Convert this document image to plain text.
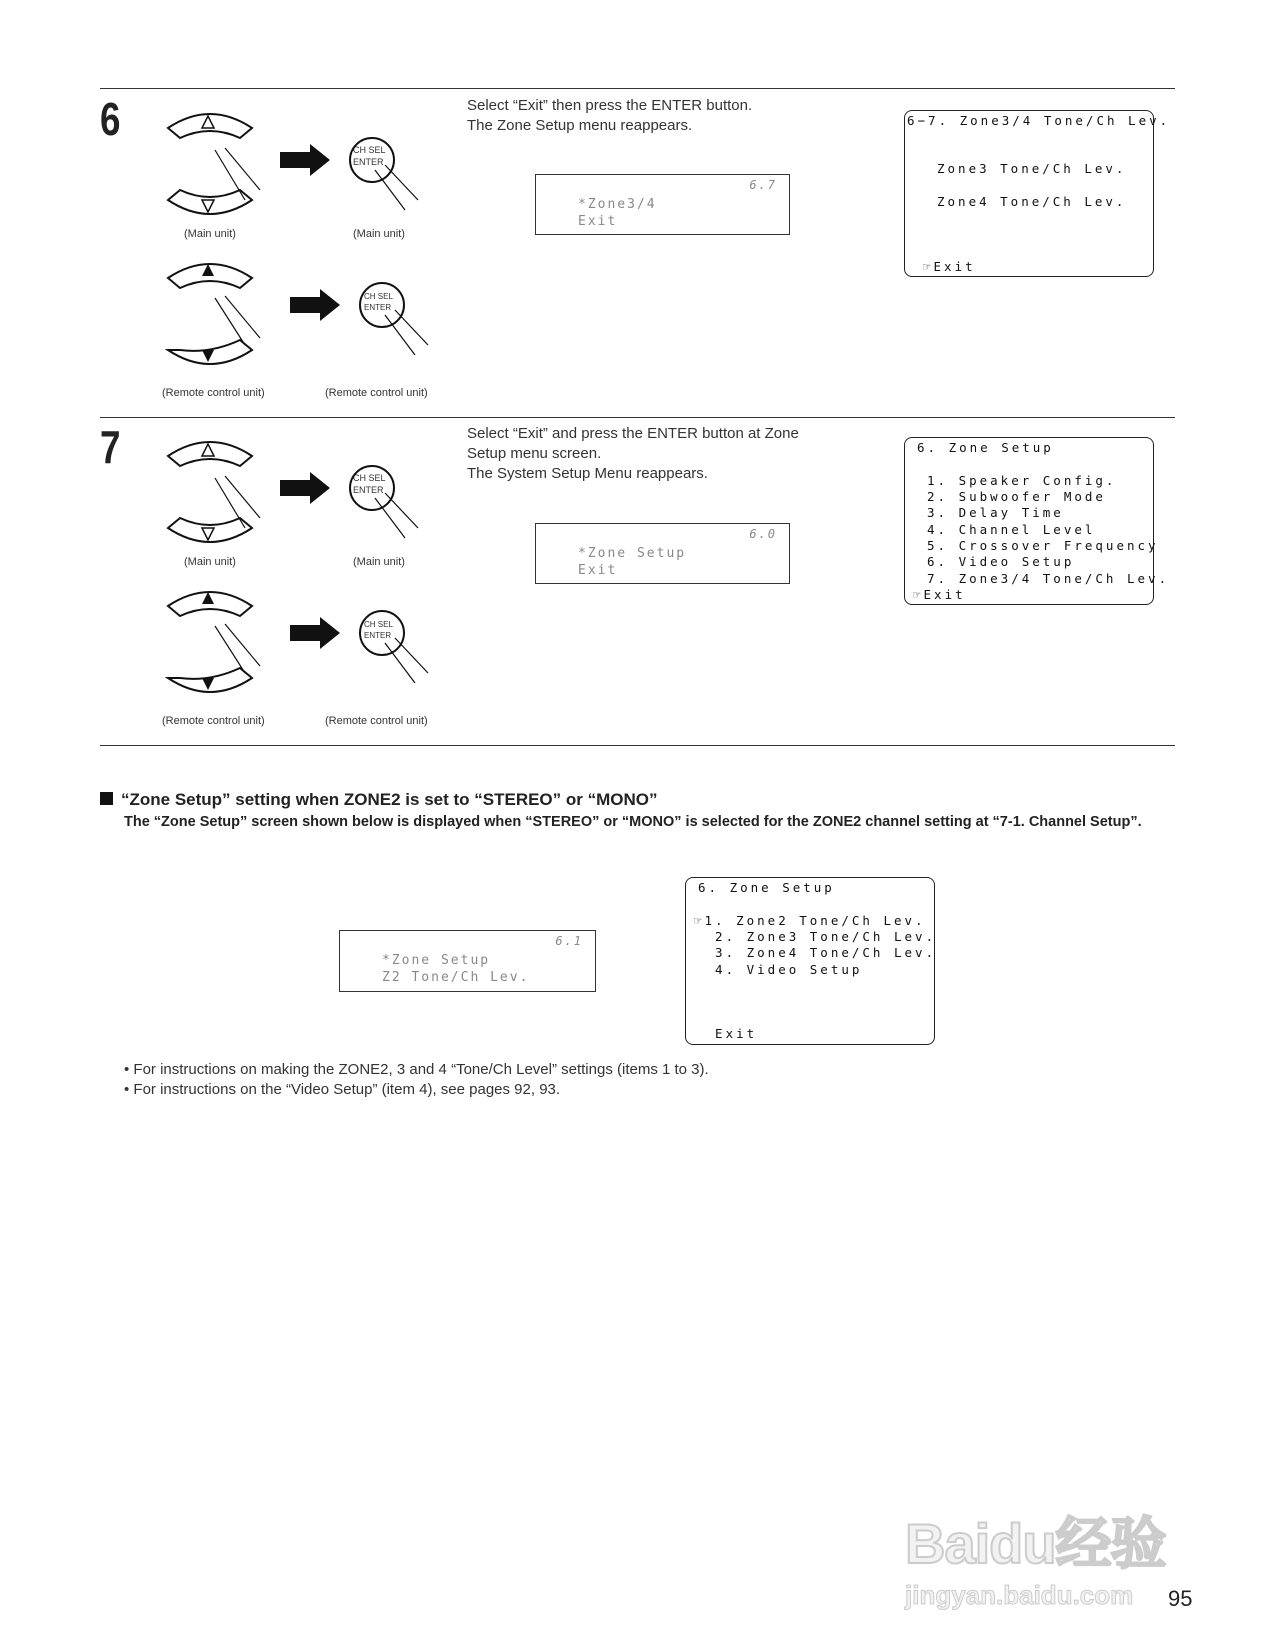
6
CH SEL
ENTER
CH SEL
ENTER
(Main unit)	(Main unit)
(Remote control unit)	(Remote control unit)
Select “Exit” then press the ENTER button.
The Zone Setup menu reappears.
6.7
*Zone3/4
Exit
6−7. Zone3/4 Tone/Ch Lev.
Zone3 Tone/Ch Lev.
Zone4 Tone/Ch Lev.
☞Exit
7
CH SEL
ENTER
CH SEL
ENTER
(Main unit)	(Main unit)
(Remote control unit)	(Remote control unit)
Select “Exit” and press the ENTER button at Zone
Setup menu screen.
The System Setup Menu reappears.
6.0
*Zone Setup
Exit
6. Zone Setup
1. Speaker Config.
2. Subwoofer Mode
3. Delay Time
4. Channel Level
5. Crossover Frequency
6. Video Setup
7. Zone3/4 Tone/Ch Lev.
☞Exit
“Zone Setup” setting when ZONE2 is set to “STEREO” or “MONO”
The “Zone Setup” screen shown below is displayed when “STEREO” or “MONO” is selected for the ZONE2 channel setting at “7-1. Channel Setup”.
6.1
*Zone Setup
Z2 Tone/Ch Lev.
6. Zone Setup
☞1. Zone2 Tone/Ch Lev.
2. Zone3 Tone/Ch Lev.
3. Zone4 Tone/Ch Lev.
4. Video Setup
Exit
• For instructions on making the ZONE2, 3 and 4 “Tone/Ch Level” settings (items 1 to 3).
• For instructions on the “Video Setup” (item 4), see pages 92, 93.
Baidu经验
jingyan.baidu.com	95
